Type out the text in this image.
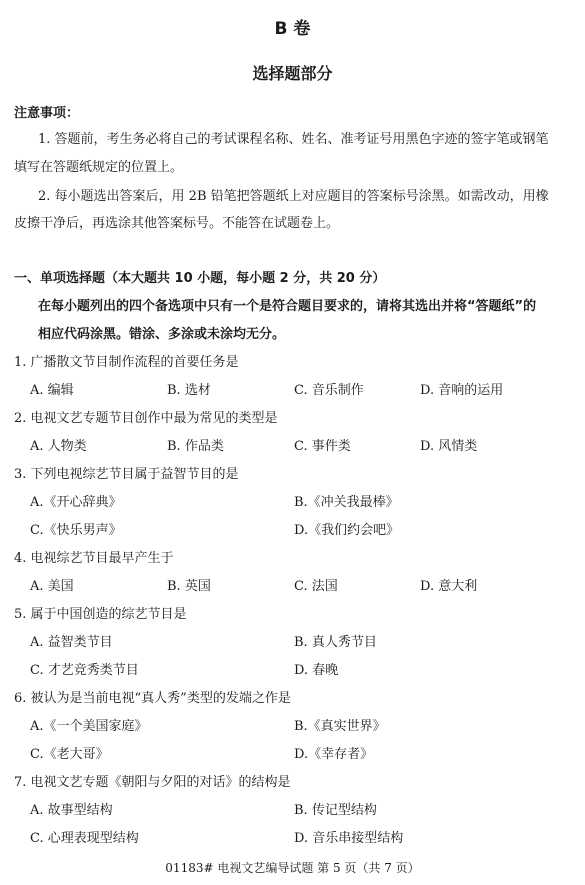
B 卷
选择题部分
注意事项：
1. 答题前，考生务必将自己的考试课程名称、姓名、准考证号用黑色字迹的签字笔或钢笔
填写在答题纸规定的位置上。
2. 每小题选出答案后，用 2B 铅笔把答题纸上对应题目的答案标号涂黑。如需改动，用橡
皮擦干净后，再选涂其他答案标号。不能答在试题卷上。
一、单项选择题（本大题共 10 小题，每小题 2 分，共 20 分）
在每小题列出的四个备选项中只有一个是符合题目要求的，请将其选出并将“答题纸”的
相应代码涂黑。错涂、多涂或未涂均无分。
1. 广播散文节目制作流程的首要任务是
A. 编辑	B. 选材	C. 音乐制作	D. 音响的运用
2. 电视文艺专题节目创作中最为常见的类型是
A. 人物类	B. 作品类	C. 事件类	D. 风情类
3. 下列电视综艺节目属于益智节目的是
A.《开心辞典》	B.《冲关我最棒》
C.《快乐男声》	D.《我们约会吧》
4. 电视综艺节目最早产生于
A. 美国	B. 英国	C. 法国	D. 意大利
5. 属于中国创造的综艺节目是
A. 益智类节目	B. 真人秀节目
C. 才艺竞秀类节目	D. 春晚
6. 被认为是当前电视“真人秀”类型的发端之作是
A.《一个美国家庭》	B.《真实世界》
C.《老大哥》	D.《幸存者》
7. 电视文艺专题《朝阳与夕阳的对话》的结构是
A. 故事型结构	B. 传记型结构
C. 心理表现型结构	D. 音乐串接型结构
01183# 电视文艺编导试题 第 5 页（共 7 页）
